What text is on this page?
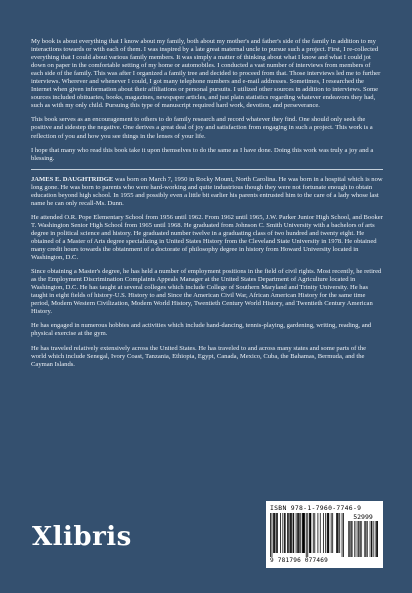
My book is about everything that I know about my family, both about my mother's and father's side of the family in addition to my interactions towards or with each of them. I was inspired by a late great maternal uncle to pursue such a project. First, I re-collected everything that I could about various family members. It was simply a matter of thinking about what I know and what I could jot down on paper in the comfortable setting of my home or automobiles. I conducted a vast number of interviews from members of each side of the family. This was after I organized a family tree and decided to proceed from that. Those interviews led me to further interviews. Wherever and whenever I could, I got many telephone numbers and e-mail addresses. Sometimes, I researched the Internet when given information about their affiliations or personal pursuits. I utilized other sources in addition to interviews. Some sources included obituaries, books, magazines, newspaper articles, and just plain statistics regarding whatever endeavors they had, such as with my only child. Pursuing this type of manuscript required hard work, devotion, and perseverance.

This book serves as an encouragement to others to do family research and record whatever they find. One should only seek the positive and sidestep the negative. One derives a great deal of joy and satisfaction from engaging in such a project. This work is a reflection of you and how you see things in the lenses of your life.

I hope that many who read this book take it upon themselves to do the same as I have done. Doing this work was truly a joy and a blessing.

JAMES E. DAUGHTRIDGE was born on March 7, 1950 in Rocky Mount, North Carolina. He was born in a hospital which is now long gone. He was born to parents who were hard-working and quite industrious though they were not fortunate enough to obtain education beyond high school. In 1955 and possibly even a little bit earlier his parents entrusted him to the care of a lady whose last name he can only recall-Ms. Dunn.

He attended O.R. Pope Elementary School from 1956 until 1962. From 1962 until 1965, J.W. Parker Junior High School, and Booker T. Washington Senior High School from 1965 until 1968. He graduated from Johnson C. Smith University with a bachelors of arts degree in political science and history. He graduated number twelve in a graduating class of two hundred and twenty eight. He obtained of a Master of Arts degree specializing in United States History from the Cleveland State University in 1978. He obtained many credit hours towards the obtainment of a doctorate of philosophy degree in history from Howard University located in Washington, D.C.

Since obtaining a Master's degree, he has held a number of employment positions in the field of civil rights. Most recently, he retired as the Employment Discrimination Complaints Appeals Manager at the United States Department of Agriculture located in Washington, D.C. He has taught at several colleges which include College of Southern Maryland and Trinity University. He has taught in eight fields of history-U.S. History to and Since the American Civil War, African American History for the same time period, Modern Western Civilization, Modern World History, Twentieth Century World History, and Twentieth Century American History.

He has engaged in numerous hobbies and activities which include hand-dancing, tennis-playing, gardening, writing, reading, and physical exercise at the gym.

He has traveled relatively extensively across the United States. He has traveled to and across many states and some parts of the world which include Senegal, Ivory Coast, Tanzania, Ethiopia, Egypt, Canada, Mexico, Cuba, the Bahamas, Bermuda, and the Cayman Islands.

Xlibris
ISBN 978-1-7960-7746-9
52999
9 781796 077469
